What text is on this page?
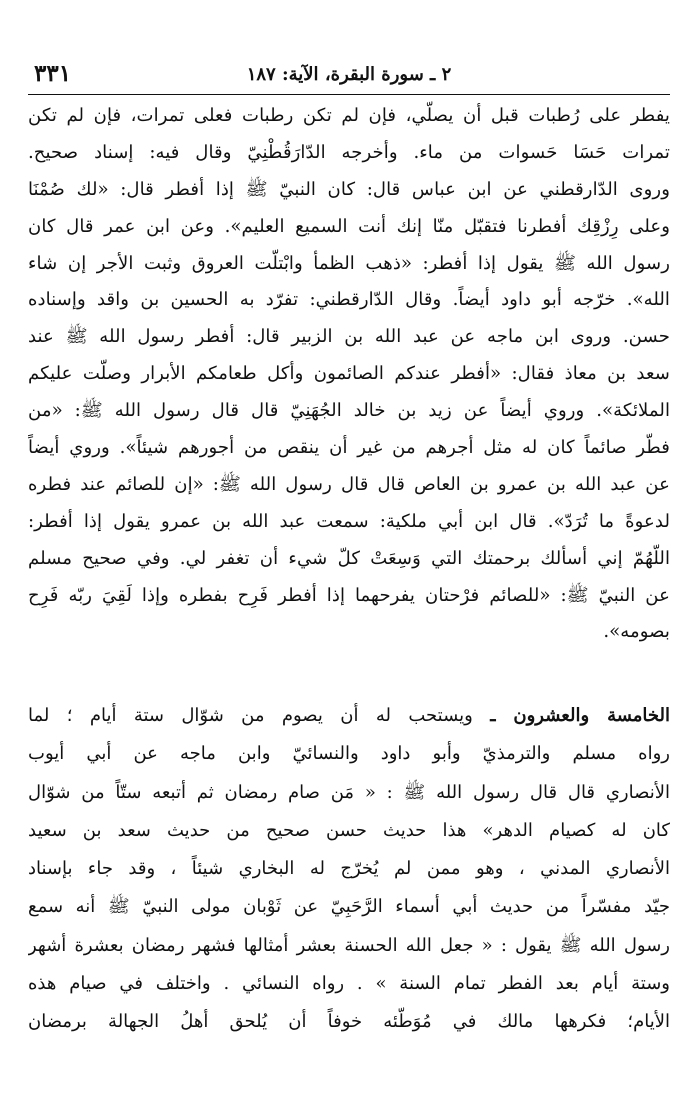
٢ ـ سورة البقرة، الآية: ١٨٧
٣٣١
يفطر على رُطبات قبل أن يصلّي، فإن لم تكن رطبات فعلى تمرات، فإن لم تكن
تمرات حَسَا حَسوات من ماء. وأخرجه الدّارَقُطْنِيّ وقال فيه: إسناد صحيح.
وروى الدّارقطني عن ابن عباس قال: كان النبيّ ﷺ إذا أفطر قال: «لك صُمْنَا
وعلى رِزْقِك أفطرنا فتقبّل منّا إنك أنت السميع العليم». وعن ابن عمر قال كان
رسول الله ﷺ يقول إذا أفطر: «ذهب الظمأ وابْتلّت العروق وثبت الأجر إن شاء
الله». خرّجه أبو داود أيضاً. وقال الدّارقطني: تفرّد به الحسين بن واقد وإسناده
حسن. وروى ابن ماجه عن عبد الله بن الزبير قال: أفطر رسول الله ﷺ عند
سعد بن معاذ فقال: «أفطر عندكم الصائمون وأكل طعامكم الأبرار وصلّت عليكم
الملائكة». وروي أيضاً عن زيد بن خالد الجُهَنِيّ قال قال رسول الله ﷺ: «من
فطّر صائماً كان له مثل أجرهم من غير أن ينقص من أجورهم شيئاً». وروي أيضاً
عن عبد الله بن عمرو بن العاص قال قال رسول الله ﷺ: «إن للصائم عند فطره
لدعوةً ما تُرَدّ». قال ابن أبي ملكية: سمعت عبد الله بن عمرو يقول إذا أفطر:
اللّهُمّ إني أسألك برحمتك التي وَسِعَتْ كلّ شيء أن تغفر لي. وفي صحيح مسلم
عن النبيّ ﷺ: «للصائم فرْحتان يفرحهما إذا أفطر فَرِح بفطره وإذا لَقِيَ ربّه فَرِح
بصومه».
الخامسة والعشرون ـ ويستحب له أن يصوم من شوّال ستة أيام ؛ لما
رواه مسلم والترمذيّ وأبو داود والنسائيّ وابن ماجه عن أبي أيوب
الأنصاري قال قال رسول الله ﷺ : « مَن صام رمضان ثم أتبعه ستّاً من شوّال
كان له كصيام الدهر» هذا حديث حسن صحيح من حديث سعد بن سعيد
الأنصاري المدني ، وهو ممن لم يُخرّج له البخاري شيئاً ، وقد جاء بإسناد
جيّد مفسّراً من حديث أبي أسماء الرَّحَبِيّ عن ثَوْبان مولى النبيّ ﷺ أنه سمع
رسول الله ﷺ يقول : « جعل الله الحسنة بعشر أمثالها فشهر رمضان بعشرة أشهر
وستة أيام بعد الفطر تمام السنة » . رواه النسائي . واختلف في صيام هذه
الأيام؛ فكرهها مالك في مُوَطّئه خوفاً أن يُلحق أهلُ الجهالة برمضان
